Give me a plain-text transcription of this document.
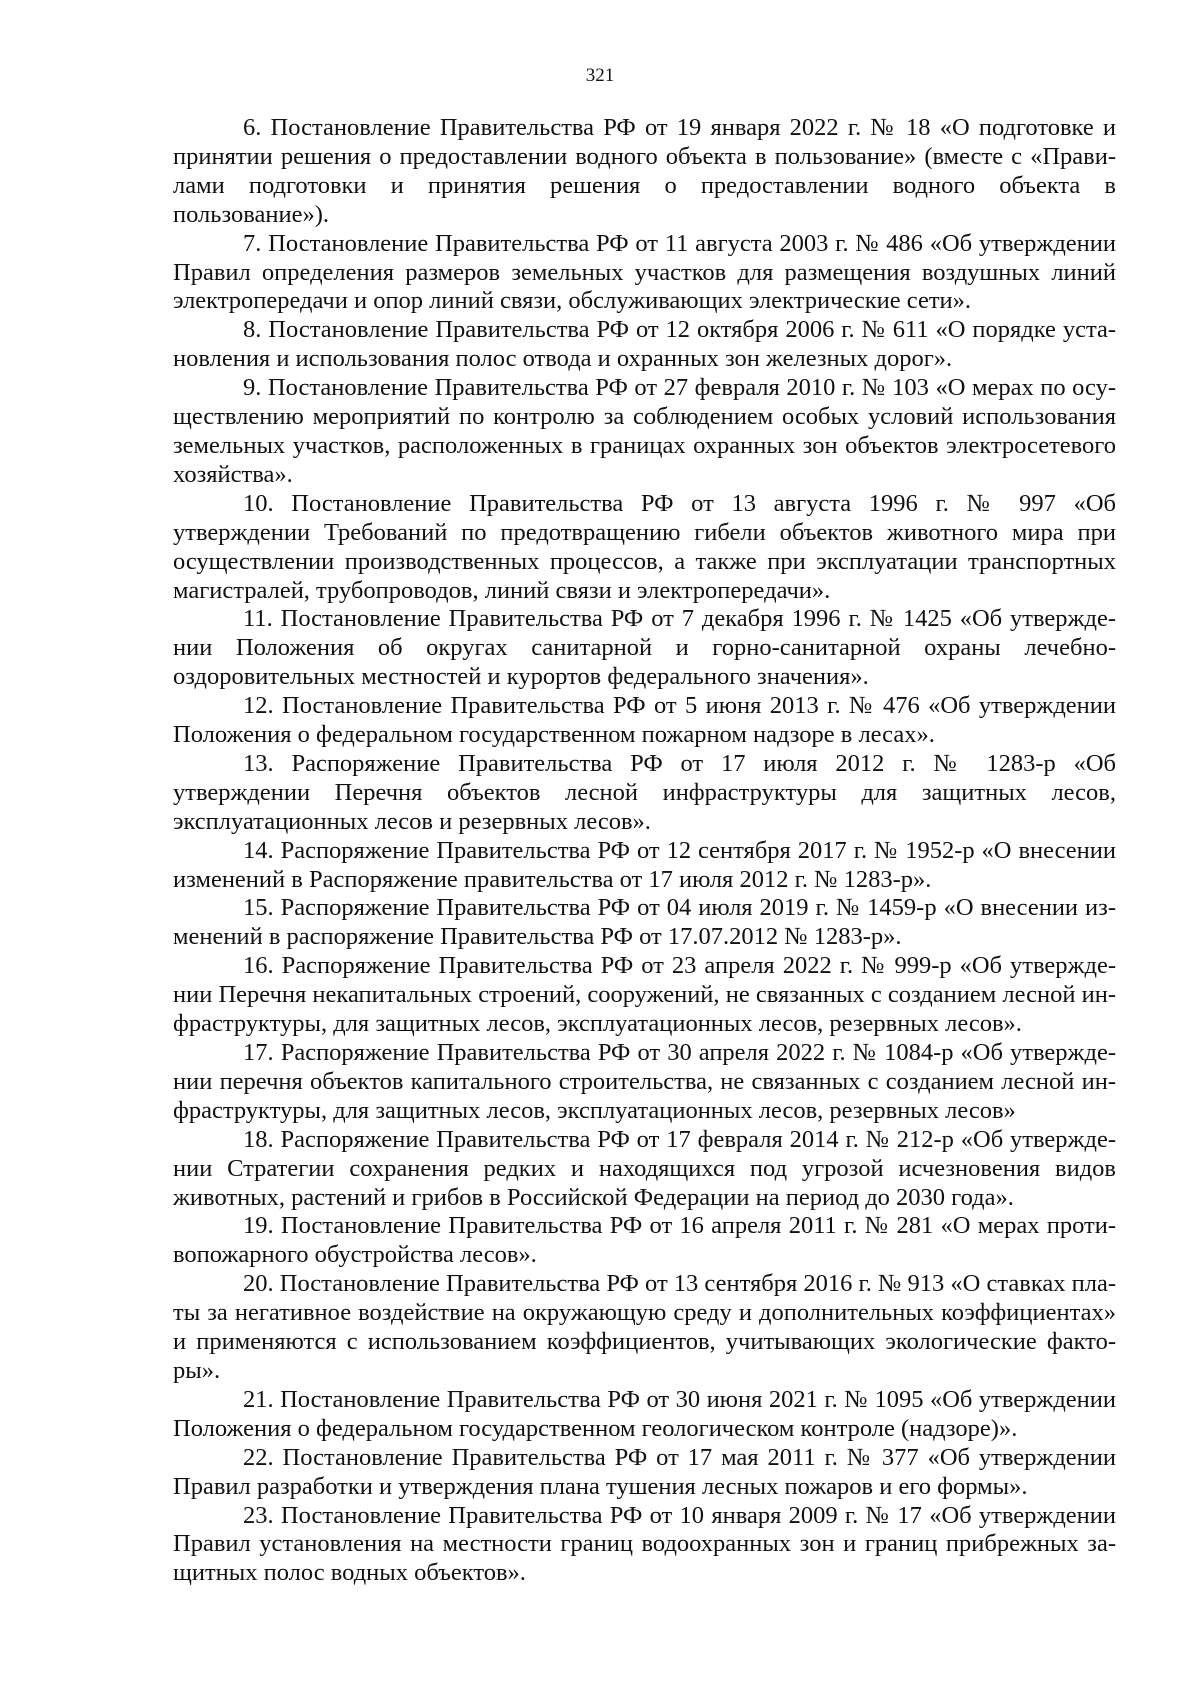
321

6. Постановление Правительства РФ от 19 января 2022 г. № 18 «О подготовке и принятии решения о предоставлении водного объекта в пользование» (вместе с «Правилами подготовки и принятия решения о предоставлении водного объекта в пользование»).

7. Постановление Правительства РФ от 11 августа 2003 г. № 486 «Об утверждении Правил определения размеров земельных участков для размещения воздушных линий электропередачи и опор линий связи, обслуживающих электрические сети».

8. Постановление Правительства РФ от 12 октября 2006 г. № 611 «О порядке установления и использования полос отвода и охранных зон железных дорог».

9. Постановление Правительства РФ от 27 февраля 2010 г. № 103 «О мерах по осуществлению мероприятий по контролю за соблюдением особых условий использования земельных участков, расположенных в границах охранных зон объектов электросетевого хозяйства».

10. Постановление Правительства РФ от 13 августа 1996 г. № 997 «Об утверждении Требований по предотвращению гибели объектов животного мира при осуществлении производственных процессов, а также при эксплуатации транспортных магистралей, трубопроводов, линий связи и электропередачи».

11. Постановление Правительства РФ от 7 декабря 1996 г. № 1425 «Об утверждении Положения об округах санитарной и горно-санитарной охраны лечебно-оздоровительных местностей и курортов федерального значения».

12. Постановление Правительства РФ от 5 июня 2013 г. № 476 «Об утверждении Положения о федеральном государственном пожарном надзоре в лесах».

13. Распоряжение Правительства РФ от 17 июля 2012 г. № 1283-р «Об утверждении Перечня объектов лесной инфраструктуры для защитных лесов, эксплуатационных лесов и резервных лесов».

14. Распоряжение Правительства РФ от 12 сентября 2017 г. № 1952-р «О внесении изменений в Распоряжение правительства от 17 июля 2012 г. № 1283-р».

15. Распоряжение Правительства РФ от 04 июля 2019 г. № 1459-р «О внесении изменений в распоряжение Правительства РФ от 17.07.2012 № 1283-р».

16. Распоряжение Правительства РФ от 23 апреля 2022 г. № 999-р «Об утверждении Перечня некапитальных строений, сооружений, не связанных с созданием лесной инфраструктуры, для защитных лесов, эксплуатационных лесов, резервных лесов».

17. Распоряжение Правительства РФ от 30 апреля 2022 г. № 1084-р «Об утверждении перечня объектов капитального строительства, не связанных с созданием лесной инфраструктуры, для защитных лесов, эксплуатационных лесов, резервных лесов»

18. Распоряжение Правительства РФ от 17 февраля 2014 г. № 212-р «Об утверждении Стратегии сохранения редких и находящихся под угрозой исчезновения видов животных, растений и грибов в Российской Федерации на период до 2030 года».

19. Постановление Правительства РФ от 16 апреля 2011 г. № 281 «О мерах противопожарного обустройства лесов».

20. Постановление Правительства РФ от 13 сентября 2016 г. № 913 «О ставках платы за негативное воздействие на окружающую среду и дополнительных коэффициентах» и применяются с использованием коэффициентов, учитывающих экологические факторы».

21. Постановление Правительства РФ от 30 июня 2021 г. № 1095 «Об утверждении Положения о федеральном государственном геологическом контроле (надзоре)».

22. Постановление Правительства РФ от 17 мая 2011 г. № 377 «Об утверждении Правил разработки и утверждения плана тушения лесных пожаров и его формы».

23. Постановление Правительства РФ от 10 января 2009 г. № 17 «Об утверждении Правил установления на местности границ водоохранных зон и границ прибрежных защитных полос водных объектов».
